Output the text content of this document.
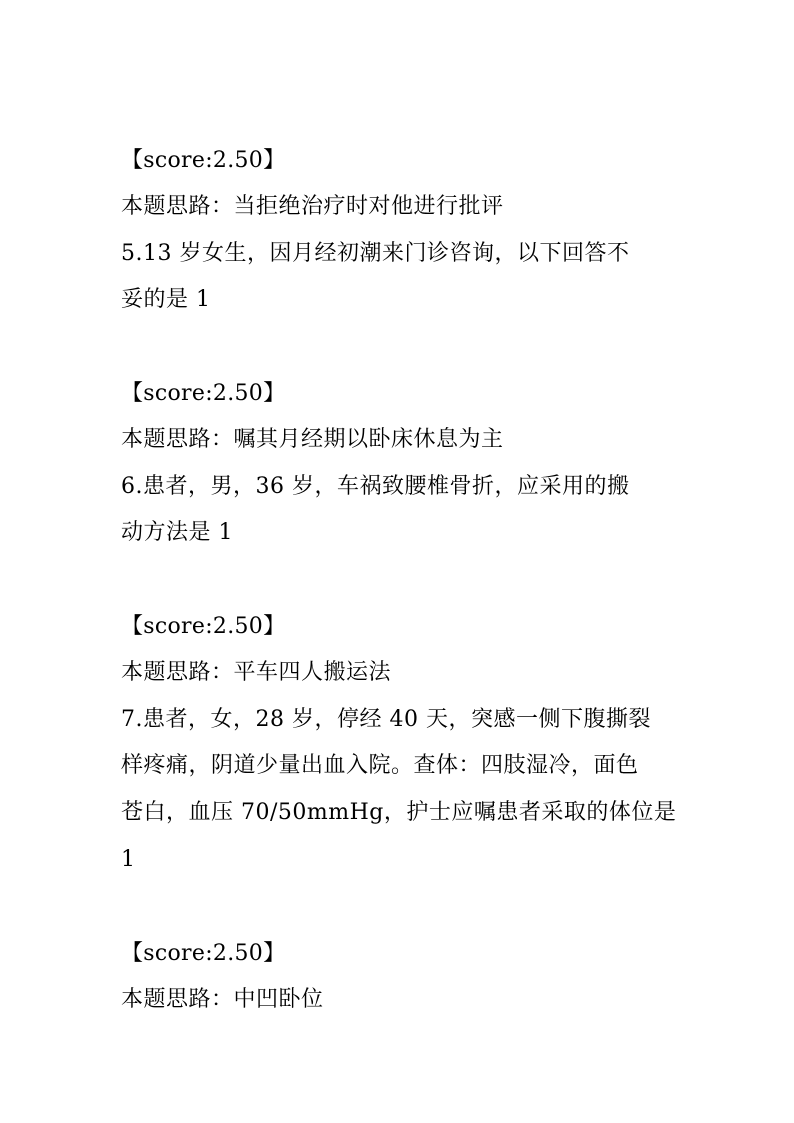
【score:2.50】
本题思路：当拒绝治疗时对他进行批评
5.13 岁女生，因月经初潮来门诊咨询，以下回答不
妥的是 1
【score:2.50】
本题思路：嘱其月经期以卧床休息为主
6.患者，男，36 岁，车祸致腰椎骨折，应采用的搬
动方法是 1
【score:2.50】
本题思路：平车四人搬运法
7.患者，女，28 岁，停经 40 天，突感一侧下腹撕裂
样疼痛，阴道少量出血入院。查体：四肢湿冷，面色
苍白，血压 70/50mmHg，护士应嘱患者采取的体位是
1
【score:2.50】
本题思路：中凹卧位
